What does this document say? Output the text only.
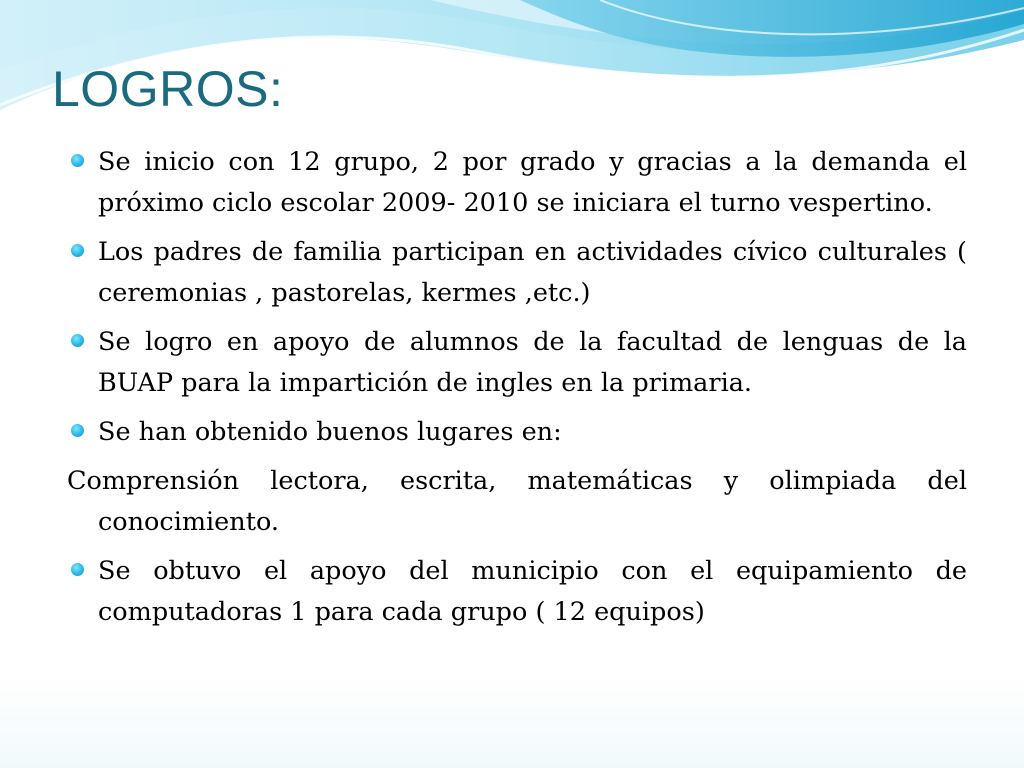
LOGROS:
Se inicio con 12 grupo, 2 por grado y gracias a la demanda el próximo ciclo escolar 2009- 2010 se iniciara el turno vespertino.
Los padres de familia participan en actividades cívico culturales ( ceremonias , pastorelas, kermes ,etc.)
Se logro en apoyo de alumnos de la facultad de lenguas de la BUAP para la impartición de ingles en la primaria.
Se han obtenido buenos lugares en:
Comprensión lectora, escrita, matemáticas y olimpiada del conocimiento.
Se obtuvo el apoyo del municipio con el equipamiento de computadoras 1 para cada grupo ( 12 equipos)
